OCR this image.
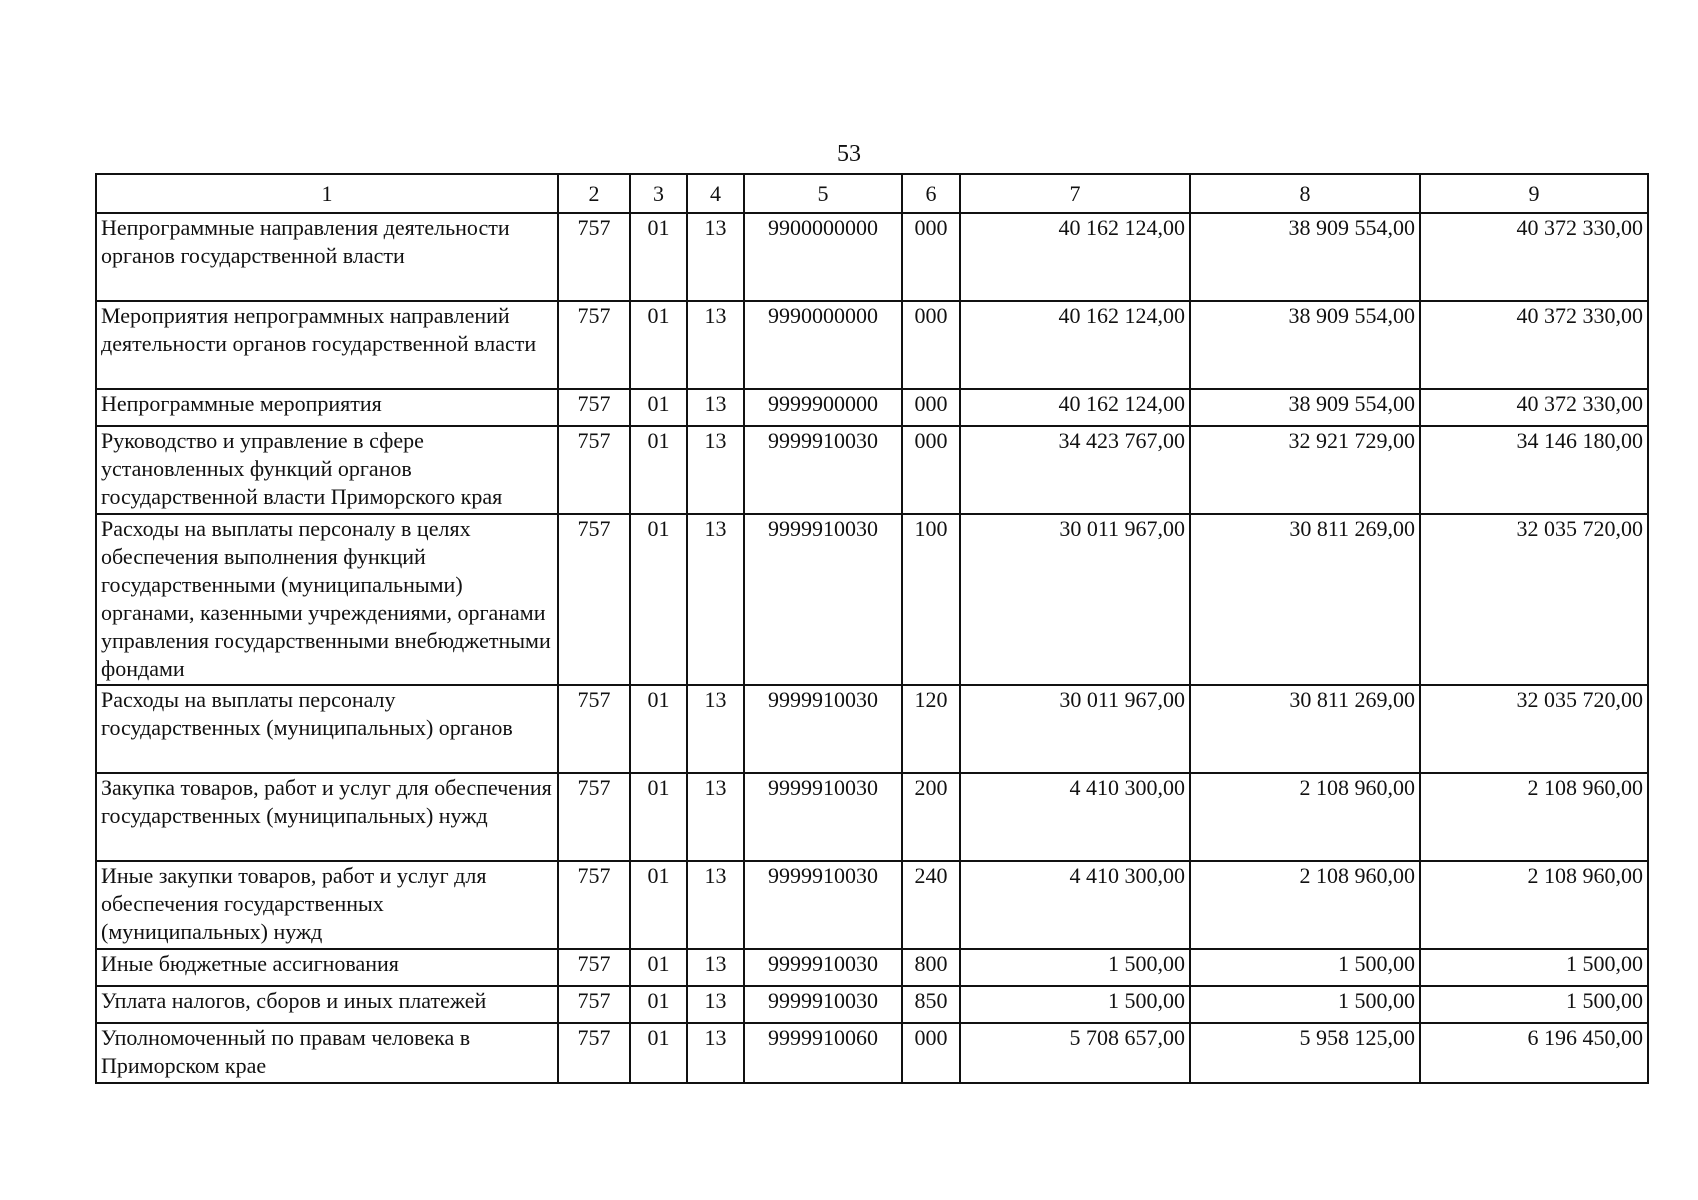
53
1	2	3	4	5	6	7	8	9
Непрограммные направления деятельности органов государственной власти	757	01	13	9900000000	000	40 162 124,00	38 909 554,00	40 372 330,00
Мероприятия непрограммных направлений деятельности органов государственной власти	757	01	13	9990000000	000	40 162 124,00	38 909 554,00	40 372 330,00
Непрограммные мероприятия	757	01	13	9999900000	000	40 162 124,00	38 909 554,00	40 372 330,00
Руководство и управление в сфере установленных функций органов государственной власти Приморского края	757	01	13	9999910030	000	34 423 767,00	32 921 729,00	34 146 180,00
Расходы на выплаты персоналу в целях обеспечения выполнения функций государственными (муниципальными) органами, казенными учреждениями, органами управления государственными внебюджетными фондами	757	01	13	9999910030	100	30 011 967,00	30 811 269,00	32 035 720,00
Расходы на выплаты персоналу государственных (муниципальных) органов	757	01	13	9999910030	120	30 011 967,00	30 811 269,00	32 035 720,00
Закупка товаров, работ и услуг для обеспечения государственных (муниципальных) нужд	757	01	13	9999910030	200	4 410 300,00	2 108 960,00	2 108 960,00
Иные закупки товаров, работ и услуг для обеспечения государственных (муниципальных) нужд	757	01	13	9999910030	240	4 410 300,00	2 108 960,00	2 108 960,00
Иные бюджетные ассигнования	757	01	13	9999910030	800	1 500,00	1 500,00	1 500,00
Уплата налогов, сборов и иных платежей	757	01	13	9999910030	850	1 500,00	1 500,00	1 500,00
Уполномоченный по правам человека в Приморском крае	757	01	13	9999910060	000	5 708 657,00	5 958 125,00	6 196 450,00
